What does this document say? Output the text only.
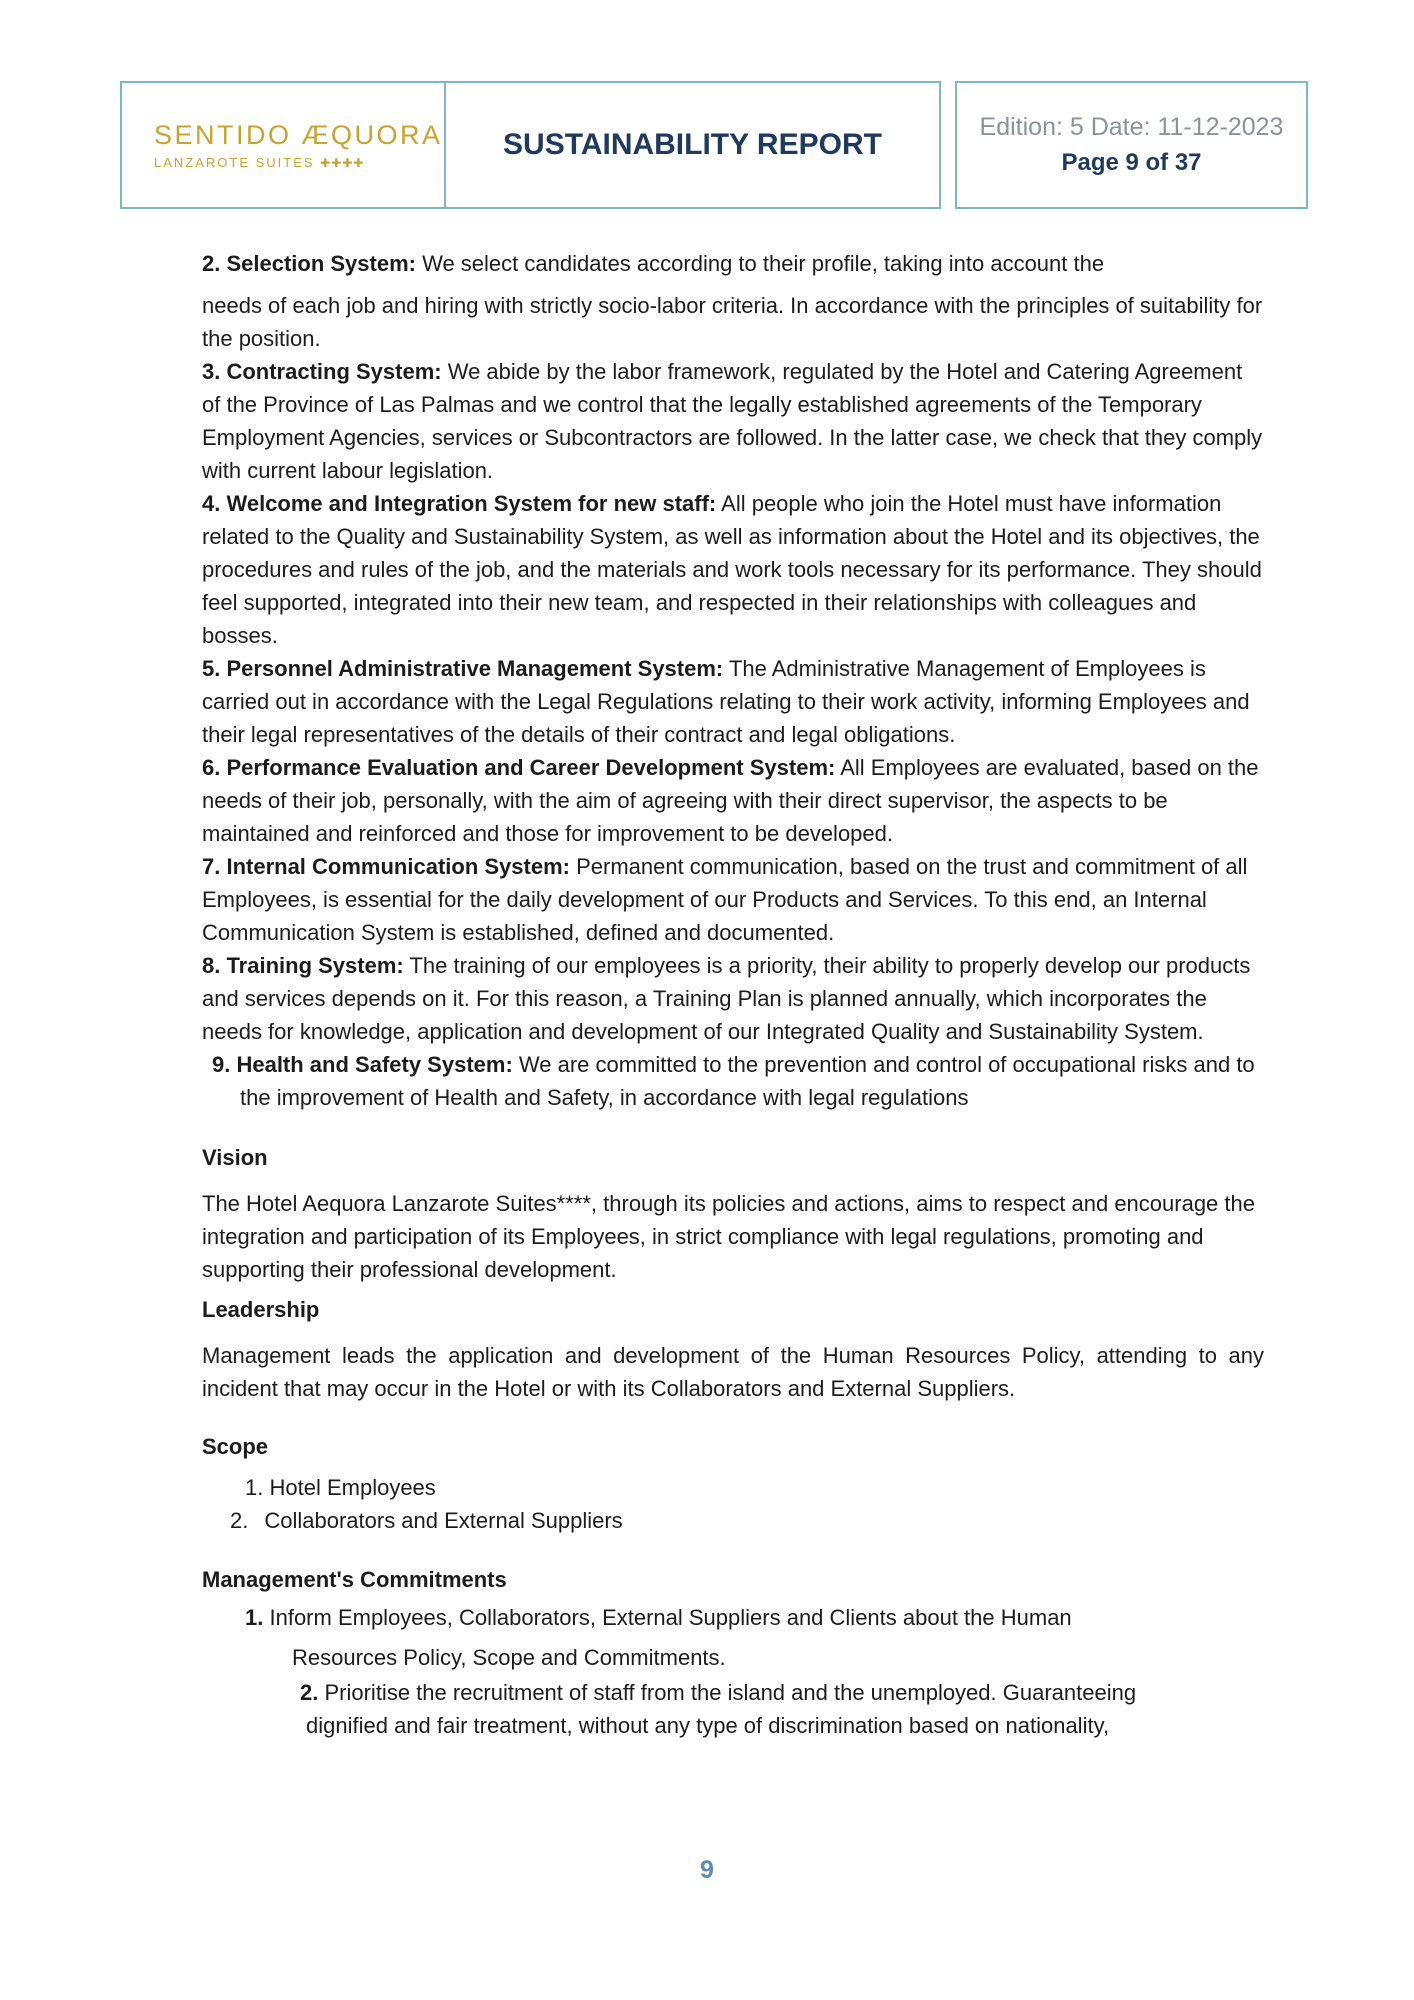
SENTIDO ÆQUORA
LANZAROTE SUITES ✚✚✚✚
SUSTAINABILITY REPORT
Edition: 5 Date: 11-12-2023
Page 9 of 37

2. Selection System: We select candidates according to their profile, taking into account the

needs of each job and hiring with strictly socio-labor criteria. In accordance with the principles of suitability for the position.

3. Contracting System: We abide by the labor framework, regulated by the Hotel and Catering Agreement of the Province of Las Palmas and we control that the legally established agreements of the Temporary Employment Agencies, services or Subcontractors are followed. In the latter case, we check that they comply with current labour legislation.

4. Welcome and Integration System for new staff: All people who join the Hotel must have information related to the Quality and Sustainability System, as well as information about the Hotel and its objectives, the procedures and rules of the job, and the materials and work tools necessary for its performance. They should feel supported, integrated into their new team, and respected in their relationships with colleagues and bosses.

5. Personnel Administrative Management System: The Administrative Management of Employees is carried out in accordance with the Legal Regulations relating to their work activity, informing Employees and their legal representatives of the details of their contract and legal obligations.

6. Performance Evaluation and Career Development System: All Employees are evaluated, based on the needs of their job, personally, with the aim of agreeing with their direct supervisor, the aspects to be maintained and reinforced and those for improvement to be developed.

7. Internal Communication System: Permanent communication, based on the trust and commitment of all Employees, is essential for the daily development of our Products and Services. To this end, an Internal Communication System is established, defined and documented.

8. Training System: The training of our employees is a priority, their ability to properly develop our products and services depends on it. For this reason, a Training Plan is planned annually, which incorporates the needs for knowledge, application and development of our Integrated Quality and Sustainability System.

9. Health and Safety System: We are committed to the prevention and control of occupational risks and to the improvement of Health and Safety, in accordance with legal regulations

Vision

The Hotel Aequora Lanzarote Suites****, through its policies and actions, aims to respect and encourage the integration and participation of its Employees, in strict compliance with legal regulations, promoting and supporting their professional development.

Leadership

Management leads the application and development of the Human Resources Policy, attending to any incident that may occur in the Hotel or with its Collaborators and External Suppliers.

Scope
1. Hotel Employees
2. Collaborators and External Suppliers
Management's Commitments
1. Inform Employees, Collaborators, External Suppliers and Clients about the Human
Resources Policy, Scope and Commitments.
2. Prioritise the recruitment of staff from the island and the unemployed. Guaranteeing
dignified and fair treatment, without any type of discrimination based on nationality,
9
